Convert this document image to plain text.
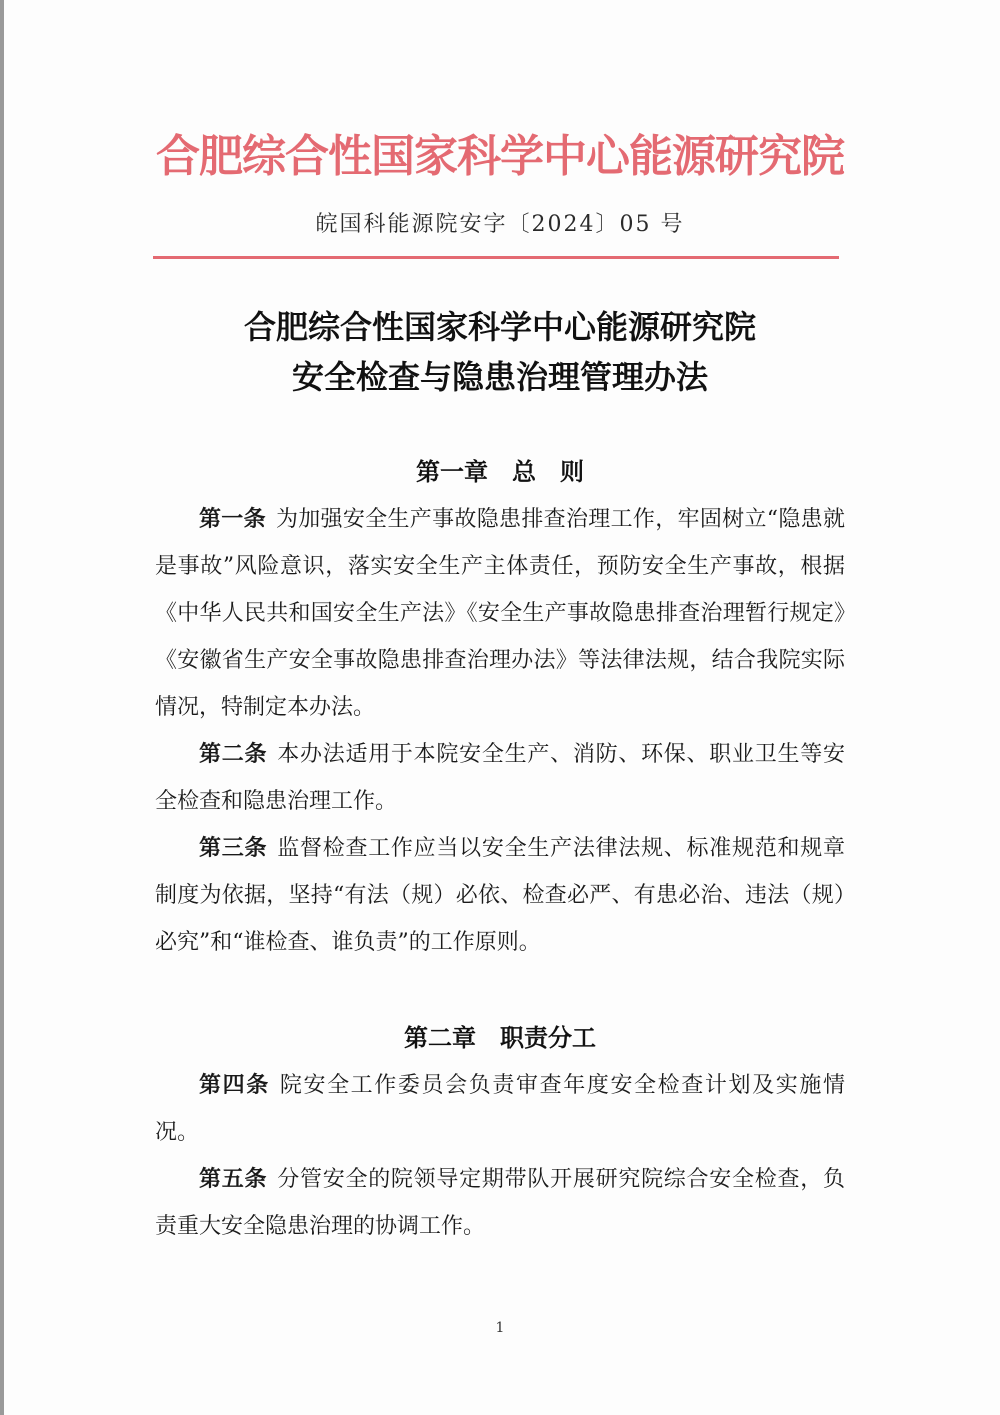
合肥综合性国家科学中心能源研究院
皖国科能源院安字〔2024〕05 号
合肥综合性国家科学中心能源研究院
安全检查与隐患治理管理办法
第一章　总　则

第一条 为加强安全生产事故隐患排查治理工作，牢固树立“隐患就是事故”风险意识，落实安全生产主体责任，预防安全生产事故，根据《中华人民共和国安全生产法》《安全生产事故隐患排查治理暂行规定》《安徽省生产安全事故隐患排查治理办法》等法律法规，结合我院实际情况，特制定本办法。

第二条 本办法适用于本院安全生产、消防、环保、职业卫生等安全检查和隐患治理工作。

第三条 监督检查工作应当以安全生产法律法规、标准规范和规章制度为依据，坚持“有法（规）必依、检查必严、有患必治、违法（规）必究”和“谁检查、谁负责”的工作原则。

第二章　职责分工

第四条 院安全工作委员会负责审查年度安全检查计划及实施情况。

第五条 分管安全的院领导定期带队开展研究院综合安全检查，负责重大安全隐患治理的协调工作。

1
